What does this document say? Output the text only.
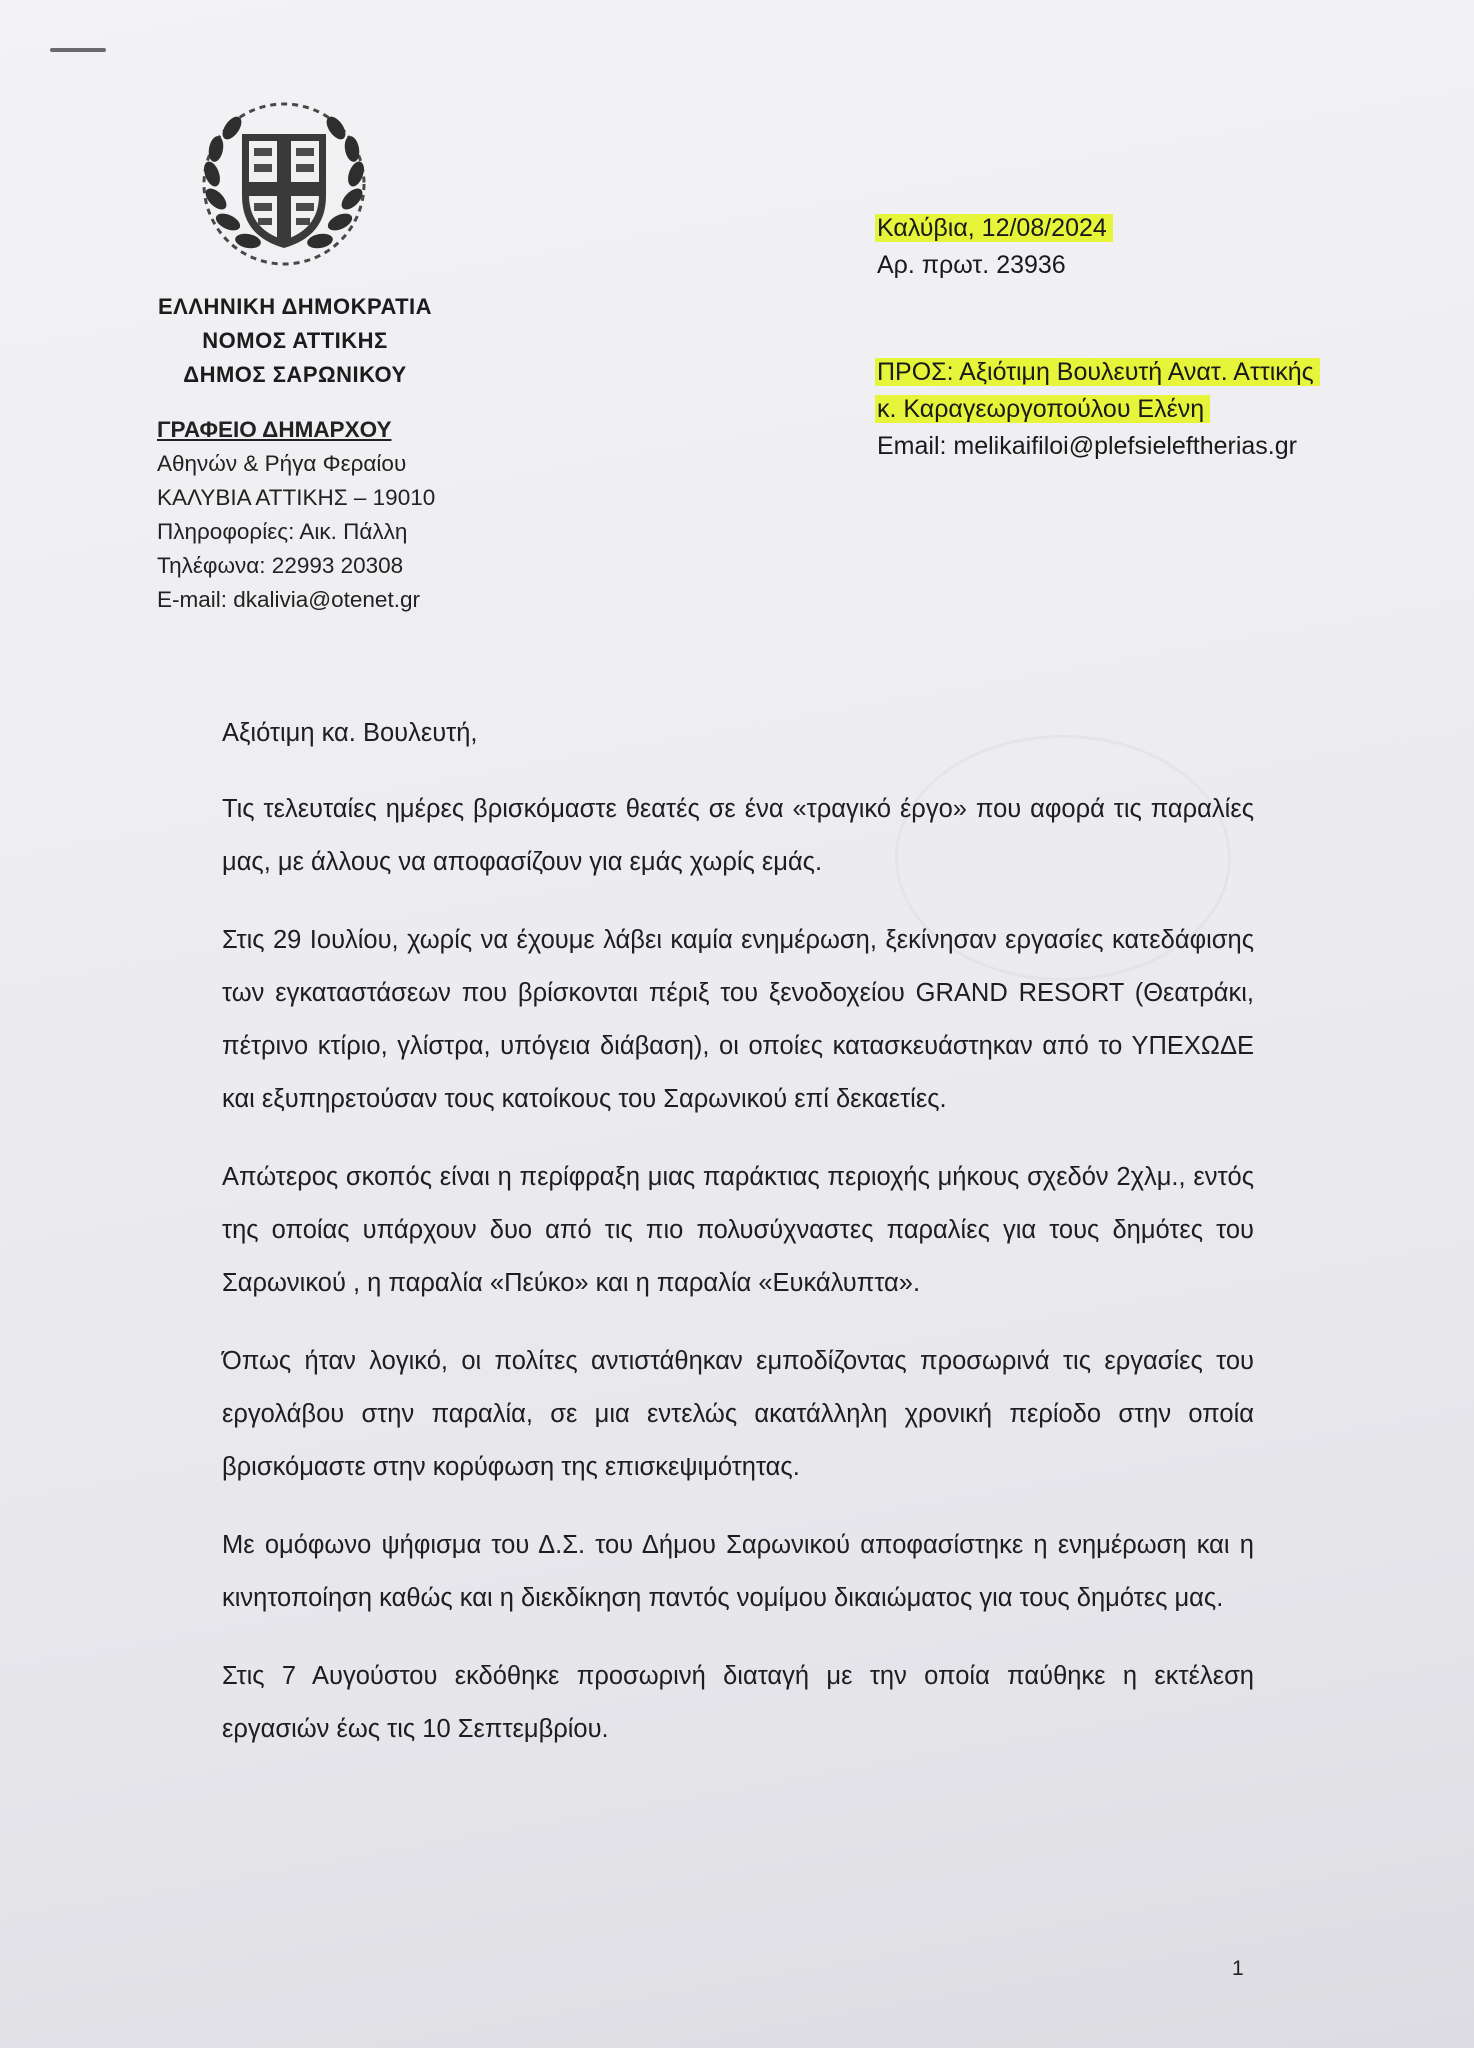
ΕΛΛΗΝΙΚΗ ΔΗΜΟΚΡΑΤΙΑ
ΝΟΜΟΣ ΑΤΤΙΚΗΣ
ΔΗΜΟΣ ΣΑΡΩΝΙΚΟΥ
ΓΡΑΦΕΙΟ ΔΗΜΑΡΧΟΥ
Αθηνών & Ρήγα Φεραίου
ΚΑΛΥΒΙΑ ΑΤΤΙΚΗΣ – 19010
Πληροφορίες: Αικ. Πάλλη
Τηλέφωνα: 22993 20308
E-mail: dkalivia@otenet.gr
Καλύβια, 12/08/2024
Αρ. πρωτ. 23936
ΠΡΟΣ: Αξιότιμη Βουλευτή Ανατ. Αττικής
κ. Καραγεωργοπούλου Ελένη
Email: melikaifiloi@plefsieleftherias.gr

Αξιότιμη κα. Βουλευτή,

Τις τελευταίες ημέρες βρισκόμαστε θεατές σε ένα «τραγικό έργο» που αφορά τις παραλίες μας, με άλλους να αποφασίζουν για εμάς χωρίς εμάς.

Στις 29 Ιουλίου, χωρίς να έχουμε λάβει καμία ενημέρωση, ξεκίνησαν εργασίες κατεδάφισης των εγκαταστάσεων που βρίσκονται πέριξ του ξενοδοχείου GRAND RESORT (Θεατράκι, πέτρινο κτίριο, γλίστρα, υπόγεια διάβαση), οι οποίες κατασκευάστηκαν από το ΥΠΕΧΩΔΕ και εξυπηρετούσαν τους κατοίκους του Σαρωνικού επί δεκαετίες.

Απώτερος σκοπός είναι η περίφραξη μιας παράκτιας περιοχής μήκους σχεδόν 2χλμ., εντός της οποίας υπάρχουν δυο από τις πιο πολυσύχναστες παραλίες για τους δημότες του Σαρωνικού , η παραλία «Πεύκο» και η παραλία «Ευκάλυπτα».

Όπως ήταν λογικό, οι πολίτες αντιστάθηκαν εμποδίζοντας προσωρινά τις εργασίες του εργολάβου στην παραλία, σε μια εντελώς ακατάλληλη χρονική περίοδο στην οποία βρισκόμαστε στην κορύφωση της επισκεψιμότητας.

Με ομόφωνο ψήφισμα του Δ.Σ. του Δήμου Σαρωνικού αποφασίστηκε η ενημέρωση και η κινητοποίηση καθώς και η διεκδίκηση παντός νομίμου δικαιώματος για τους δημότες μας.

Στις 7 Αυγούστου εκδόθηκε προσωρινή διαταγή με την οποία παύθηκε η εκτέλεση εργασιών έως τις 10 Σεπτεμβρίου.

1
